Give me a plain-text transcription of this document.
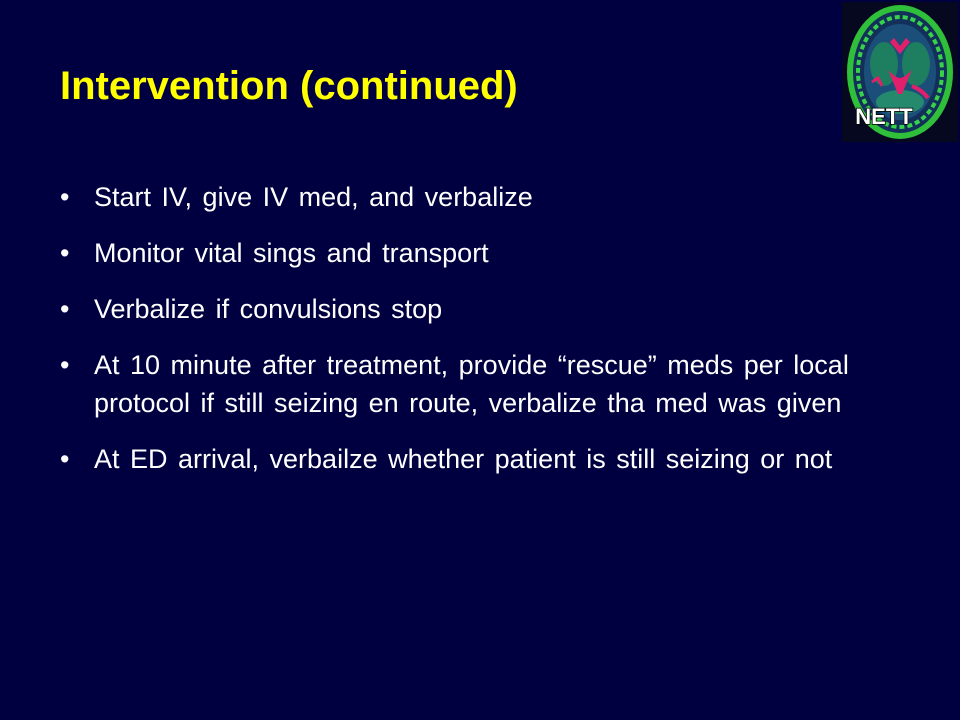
Intervention (continued)
NETT
• Start IV, give IV med, and verbalize
• Monitor vital sings and transport
• Verbalize if convulsions stop
• At 10 minute after treatment, provide “rescue” meds per local protocol if still seizing en route, verbalize tha med was given
• At ED arrival, verbailze whether patient is still seizing or not
